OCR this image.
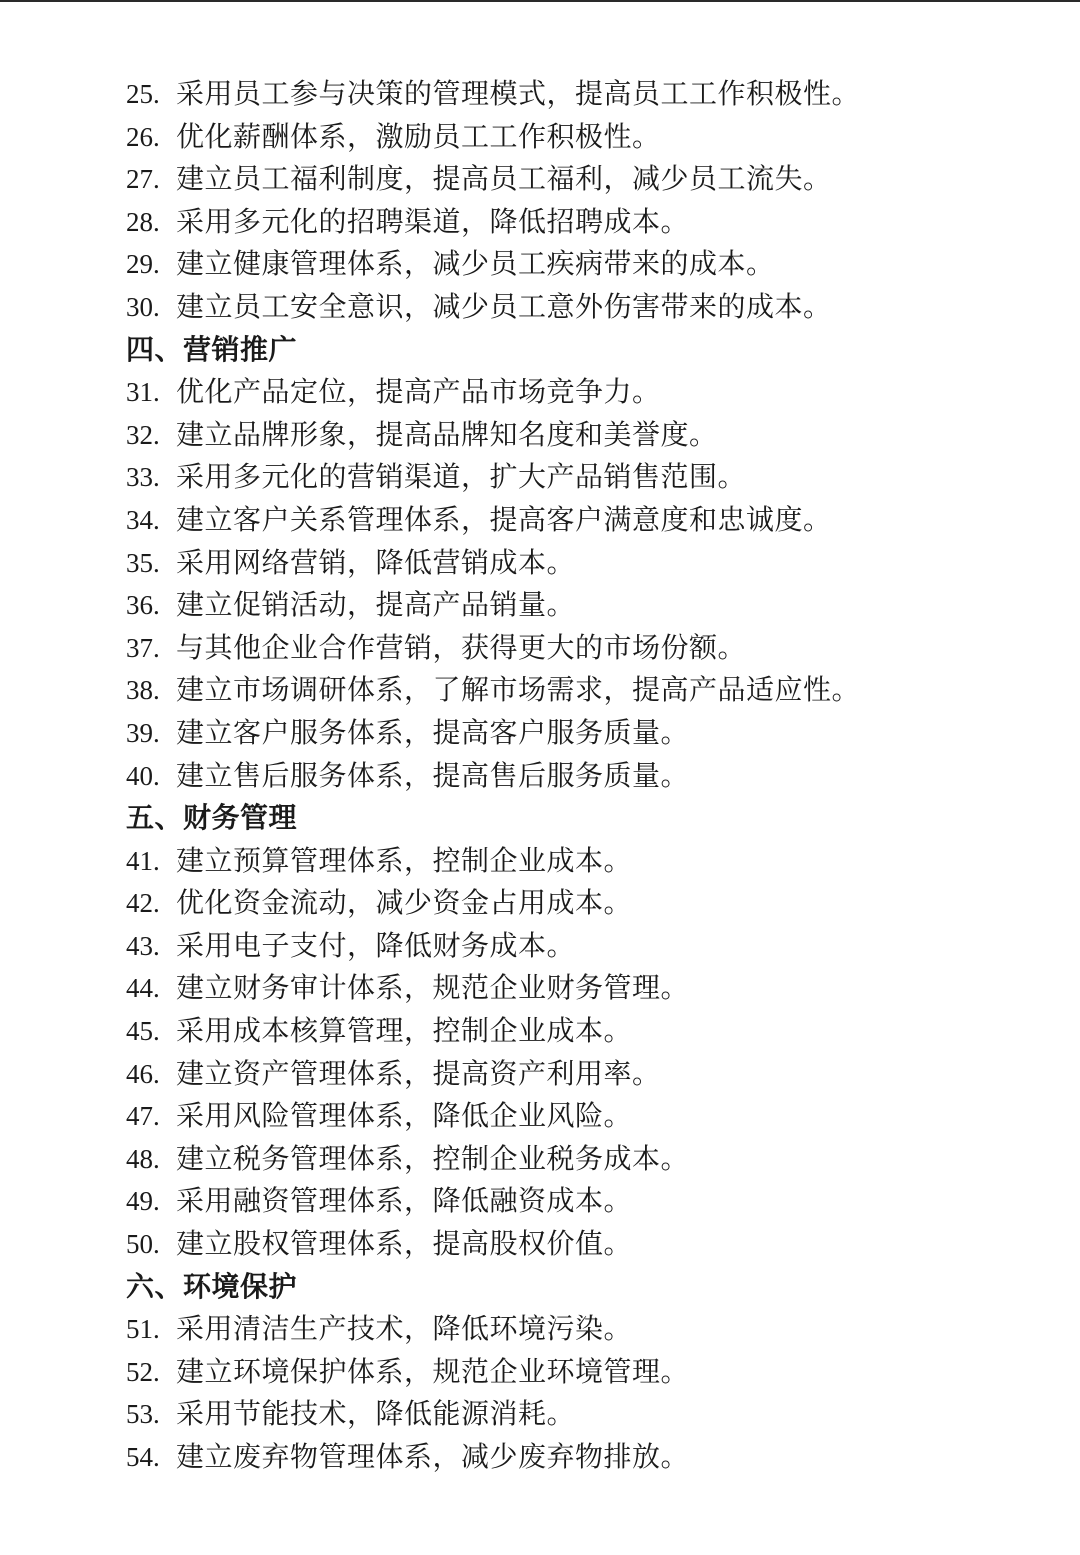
25. 采用员工参与决策的管理模式，提高员工工作积极性。
26. 优化薪酬体系，激励员工工作积极性。
27. 建立员工福利制度，提高员工福利，减少员工流失。
28. 采用多元化的招聘渠道，降低招聘成本。
29. 建立健康管理体系，减少员工疾病带来的成本。
30. 建立员工安全意识，减少员工意外伤害带来的成本。
四、营销推广
31. 优化产品定位，提高产品市场竞争力。
32. 建立品牌形象，提高品牌知名度和美誉度。
33. 采用多元化的营销渠道，扩大产品销售范围。
34. 建立客户关系管理体系，提高客户满意度和忠诚度。
35. 采用网络营销，降低营销成本。
36. 建立促销活动，提高产品销量。
37. 与其他企业合作营销，获得更大的市场份额。
38. 建立市场调研体系，了解市场需求，提高产品适应性。
39. 建立客户服务体系，提高客户服务质量。
40. 建立售后服务体系，提高售后服务质量。
五、财务管理
41. 建立预算管理体系，控制企业成本。
42. 优化资金流动，减少资金占用成本。
43. 采用电子支付，降低财务成本。
44. 建立财务审计体系，规范企业财务管理。
45. 采用成本核算管理，控制企业成本。
46. 建立资产管理体系，提高资产利用率。
47. 采用风险管理体系，降低企业风险。
48. 建立税务管理体系，控制企业税务成本。
49. 采用融资管理体系，降低融资成本。
50. 建立股权管理体系，提高股权价值。
六、环境保护
51. 采用清洁生产技术，降低环境污染。
52. 建立环境保护体系，规范企业环境管理。
53. 采用节能技术，降低能源消耗。
54. 建立废弃物管理体系，减少废弃物排放。
